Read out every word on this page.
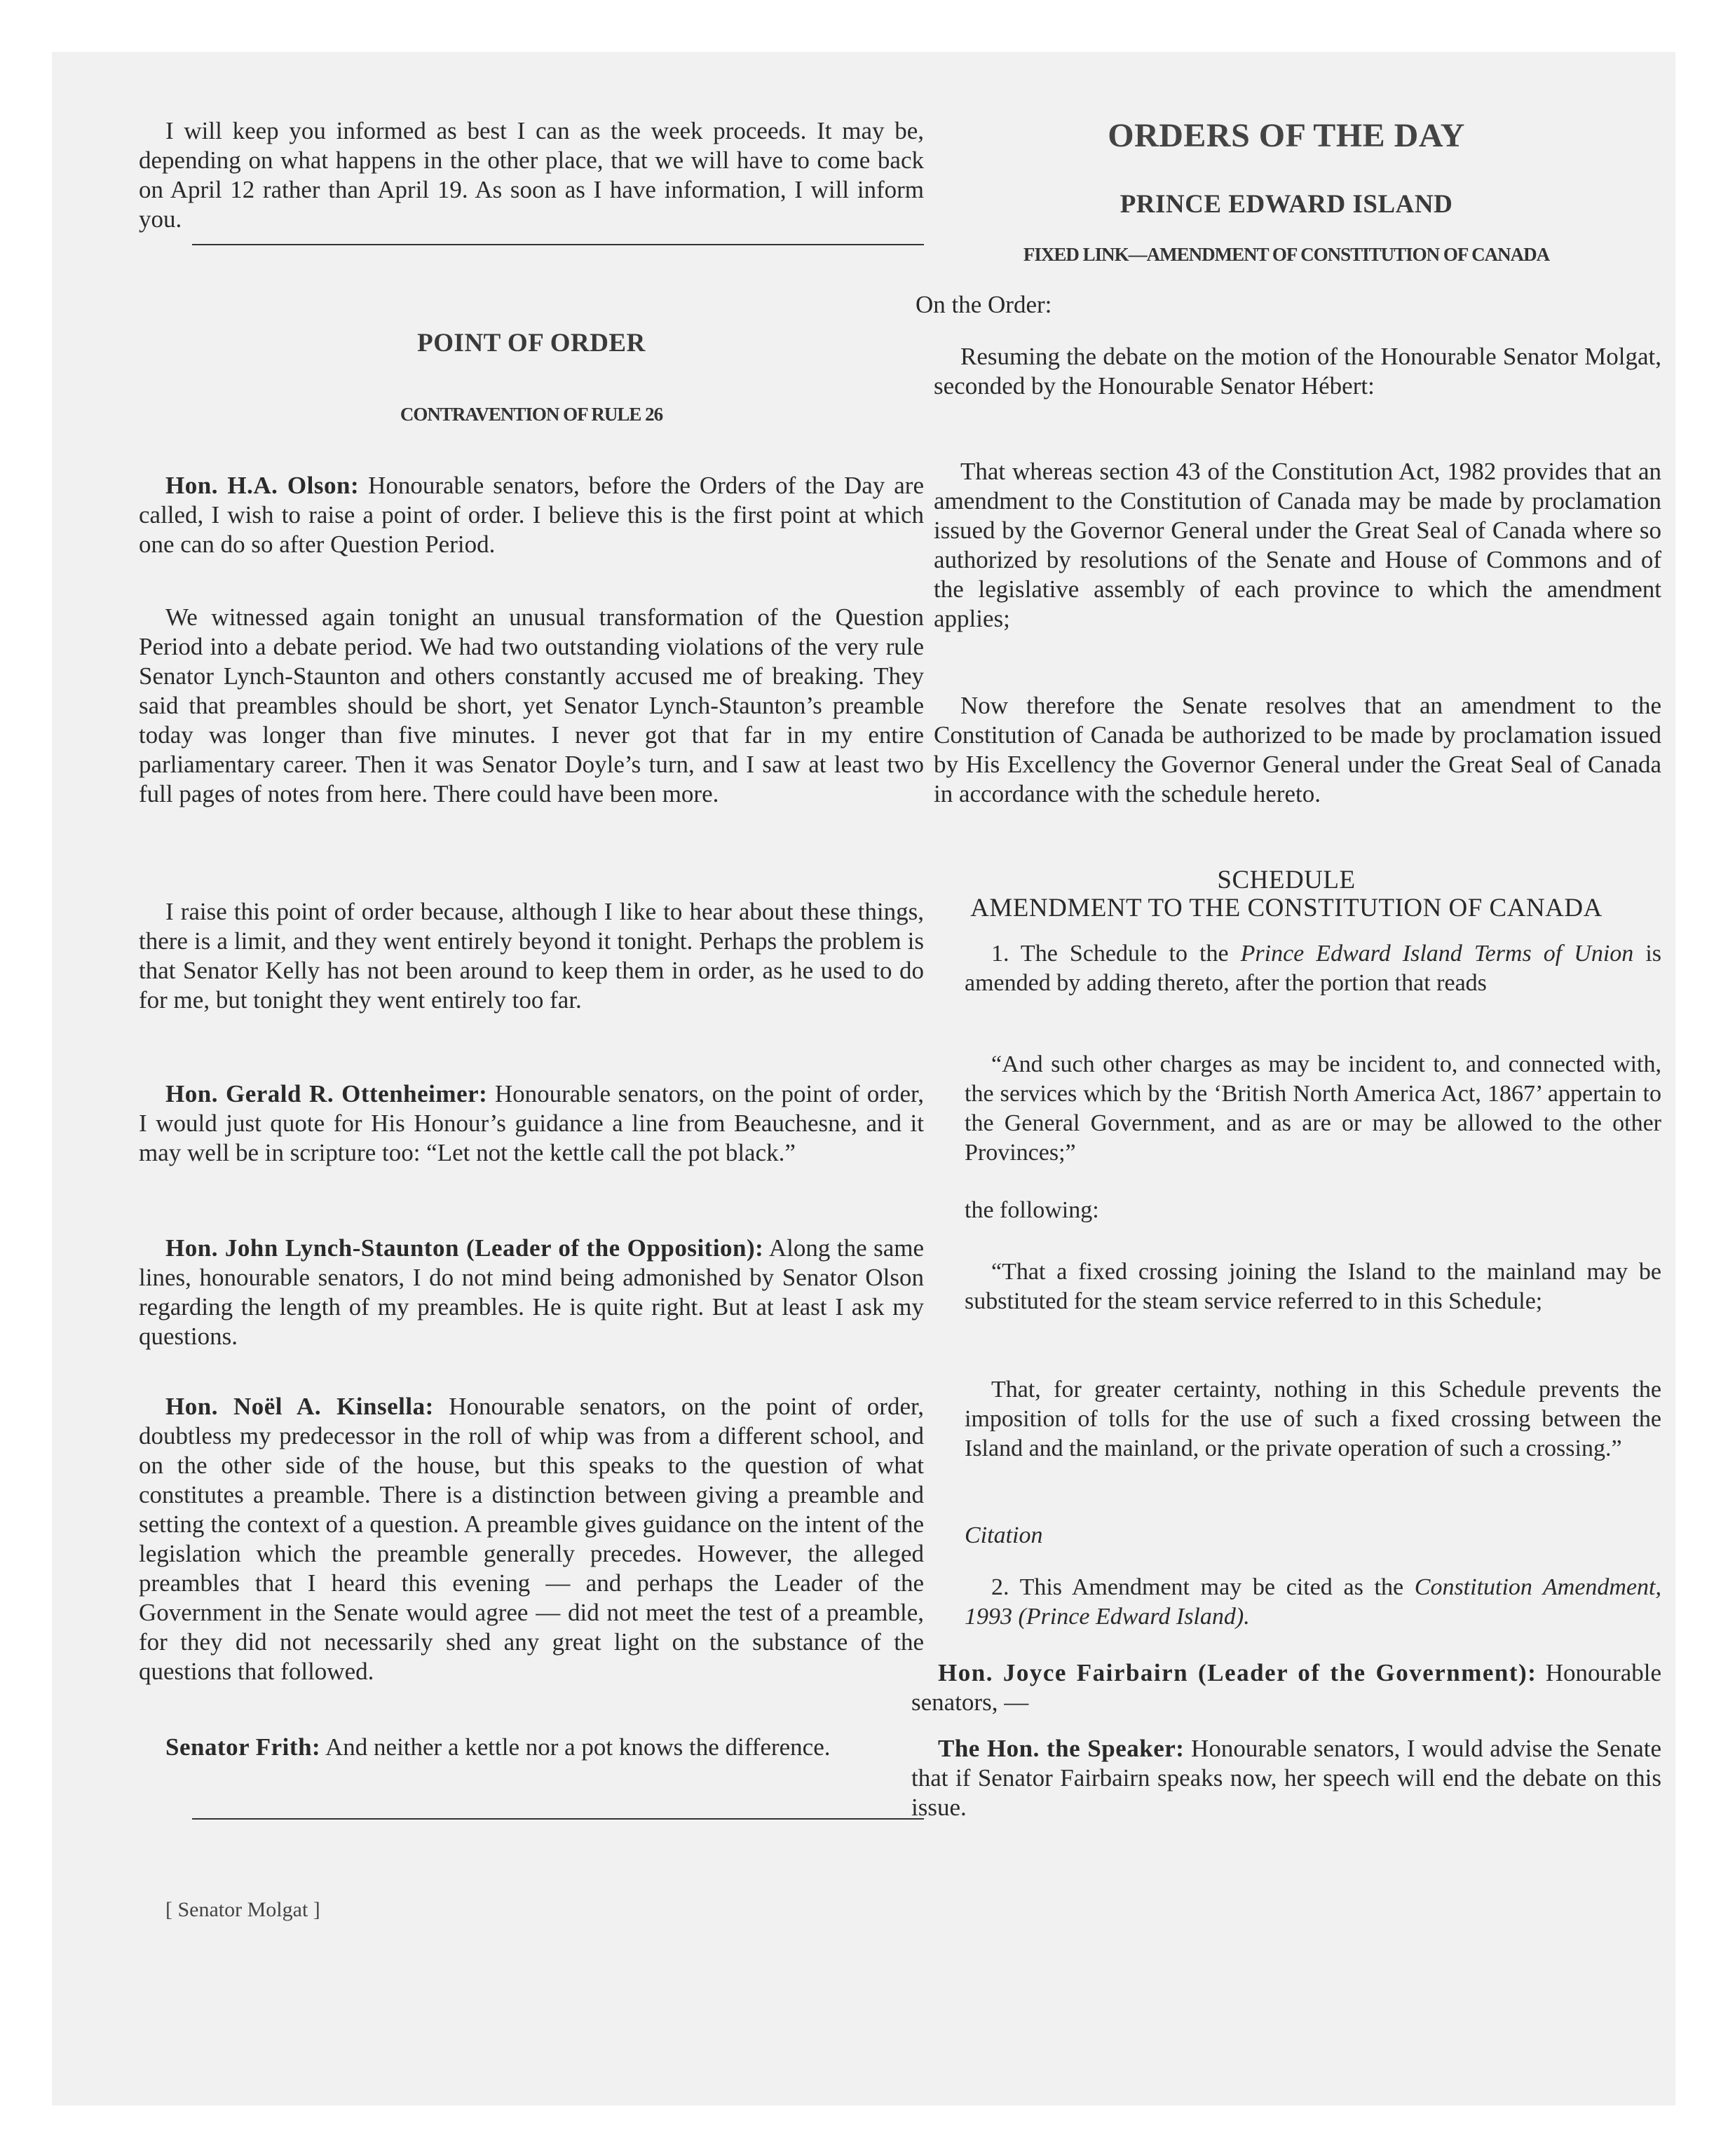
I will keep you informed as best I can as the week proceeds. It may be, depending on what happens in the other place, that we will have to come back on April 12 rather than April 19. As soon as I have information, I will inform you.

POINT OF ORDER
CONTRAVENTION OF RULE 26

Hon. H.A. Olson: Honourable senators, before the Orders of the Day are called, I wish to raise a point of order. I believe this is the first point at which one can do so after Question Period.

We witnessed again tonight an unusual transformation of the Question Period into a debate period. We had two outstanding violations of the very rule Senator Lynch-Staunton and others constantly accused me of breaking. They said that preambles should be short, yet Senator Lynch-Staunton’s preamble today was longer than five minutes. I never got that far in my entire parliamentary career. Then it was Senator Doyle’s turn, and I saw at least two full pages of notes from here. There could have been more.

I raise this point of order because, although I like to hear about these things, there is a limit, and they went entirely beyond it tonight. Perhaps the problem is that Senator Kelly has not been around to keep them in order, as he used to do for me, but tonight they went entirely too far.

Hon. Gerald R. Ottenheimer: Honourable senators, on the point of order, I would just quote for His Honour’s guidance a line from Beauchesne, and it may well be in scripture too: “Let not the kettle call the pot black.”

Hon. John Lynch-Staunton (Leader of the Opposition): Along the same lines, honourable senators, I do not mind being admonished by Senator Olson regarding the length of my preambles. He is quite right. But at least I ask my questions.

Hon. Noël A. Kinsella: Honourable senators, on the point of order, doubtless my predecessor in the roll of whip was from a different school, and on the other side of the house, but this speaks to the question of what constitutes a preamble. There is a distinction between giving a preamble and setting the context of a question. A preamble gives guidance on the intent of the legislation which the preamble generally precedes. However, the alleged preambles that I heard this evening — and perhaps the Leader of the Government in the Senate would agree — did not meet the test of a preamble, for they did not necessarily shed any great light on the substance of the questions that followed.

Senator Frith: And neither a kettle nor a pot knows the difference.

[ Senator Molgat ]
ORDERS OF THE DAY
PRINCE EDWARD ISLAND
FIXED LINK—AMENDMENT OF CONSTITUTION OF CANADA

On the Order:

Resuming the debate on the motion of the Honourable Senator Molgat, seconded by the Honourable Senator Hébert:

That whereas section 43 of the Constitution Act, 1982 provides that an amendment to the Constitution of Canada may be made by proclamation issued by the Governor General under the Great Seal of Canada where so authorized by resolutions of the Senate and House of Commons and of the legislative assembly of each province to which the amendment applies;

Now therefore the Senate resolves that an amendment to the Constitution of Canada be authorized to be made by proclamation issued by His Excellency the Governor General under the Great Seal of Canada in accordance with the schedule hereto.

SCHEDULE
AMENDMENT TO THE CONSTITUTION OF CANADA

1. The Schedule to the Prince Edward Island Terms of Union is amended by adding thereto, after the portion that reads

“And such other charges as may be incident to, and connected with, the services which by the ‘British North America Act, 1867’ appertain to the General Government, and as are or may be allowed to the other Provinces;”

the following:

“That a fixed crossing joining the Island to the mainland may be substituted for the steam service referred to in this Schedule;

That, for greater certainty, nothing in this Schedule prevents the imposition of tolls for the use of such a fixed crossing between the Island and the mainland, or the private operation of such a crossing.”

Citation

2. This Amendment may be cited as the Constitution Amendment, 1993 (Prince Edward Island).

Hon. Joyce Fairbairn (Leader of the Government): Honourable senators, —

The Hon. the Speaker: Honourable senators, I would advise the Senate that if Senator Fairbairn speaks now, her speech will end the debate on this issue.
